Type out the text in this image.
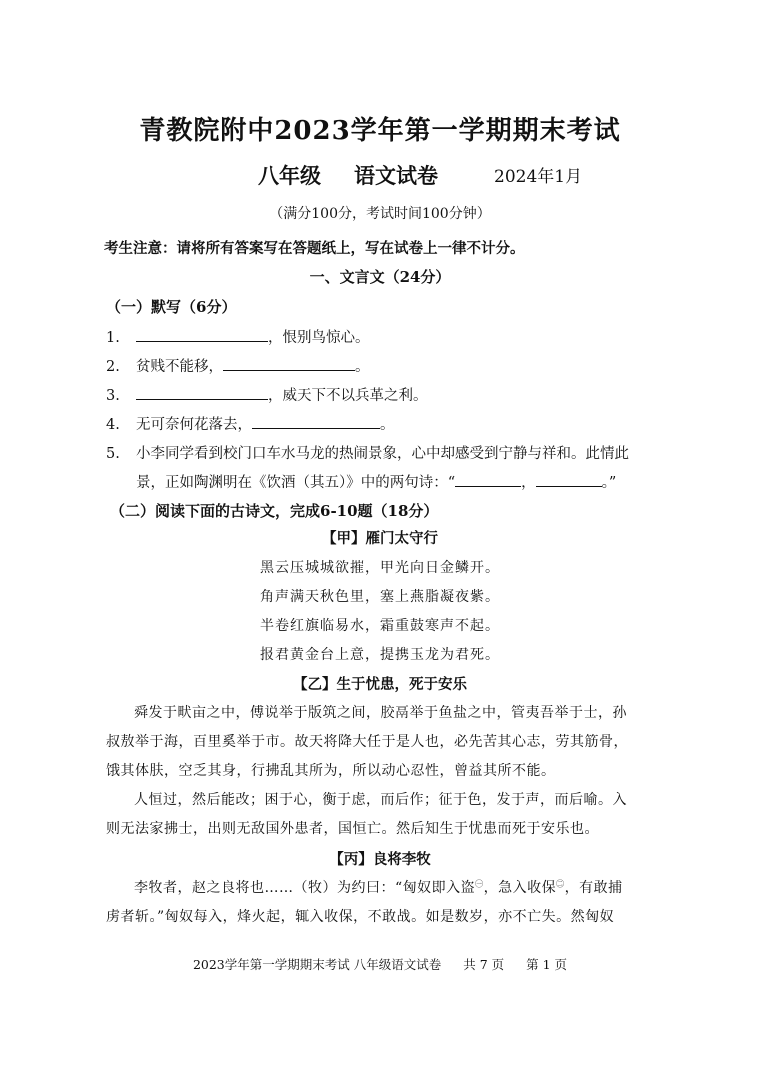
青教院附中2023学年第一学期期末考试
八年级 语文试卷	2024年1月
（满分100分，考试时间100分钟）
考生注意：请将所有答案写在答题纸上，写在试卷上一律不计分。
一、文言文（24分）
（一）默写（6分）
1.	，恨别鸟惊心。
2. 贫贱不能移，	。
3.	，威天下不以兵革之利。
4. 无可奈何花落去，	。
5. 小李同学看到校门口车水马龙的热闹景象，心中却感受到宁静与祥和。此情此
景，正如陶渊明在《饮酒（其五）》中的两句诗：“	，	。”
（二）阅读下面的古诗文，完成6-10题（18分）
【甲】雁门太守行
黑云压城城欲摧，甲光向日金鳞开。
角声满天秋色里，塞上燕脂凝夜紫。
半卷红旗临易水，霜重鼓寒声不起。
报君黄金台上意，提携玉龙为君死。
【乙】生于忧患，死于安乐
舜发于畎亩之中，傅说举于版筑之间，胶鬲举于鱼盐之中，管夷吾举于士，孙
叔敖举于海，百里奚举于市。故天将降大任于是人也，必先苦其心志，劳其筋骨，
饿其体肤，空乏其身，行拂乱其所为，所以动心忍性，曾益其所不能。
人恒过，然后能改；困于心，衡于虑，而后作；征于色，发于声，而后喻。入
则无法家拂士，出则无敌国外患者，国恒亡。然后知生于忧患而死于安乐也。
【丙】良将李牧
李牧者，赵之良将也……（牧）为约曰：“匈奴即入盗$^㊀$，急入收保$^㊁$，有敢捕
虏者斩。”匈奴每入，烽火起，辄入收保，不敢战。如是数岁，亦不亡失。然匈奴
2023学年第一学期期末考试 八年级语文试卷 共 7 页 第 1 页
